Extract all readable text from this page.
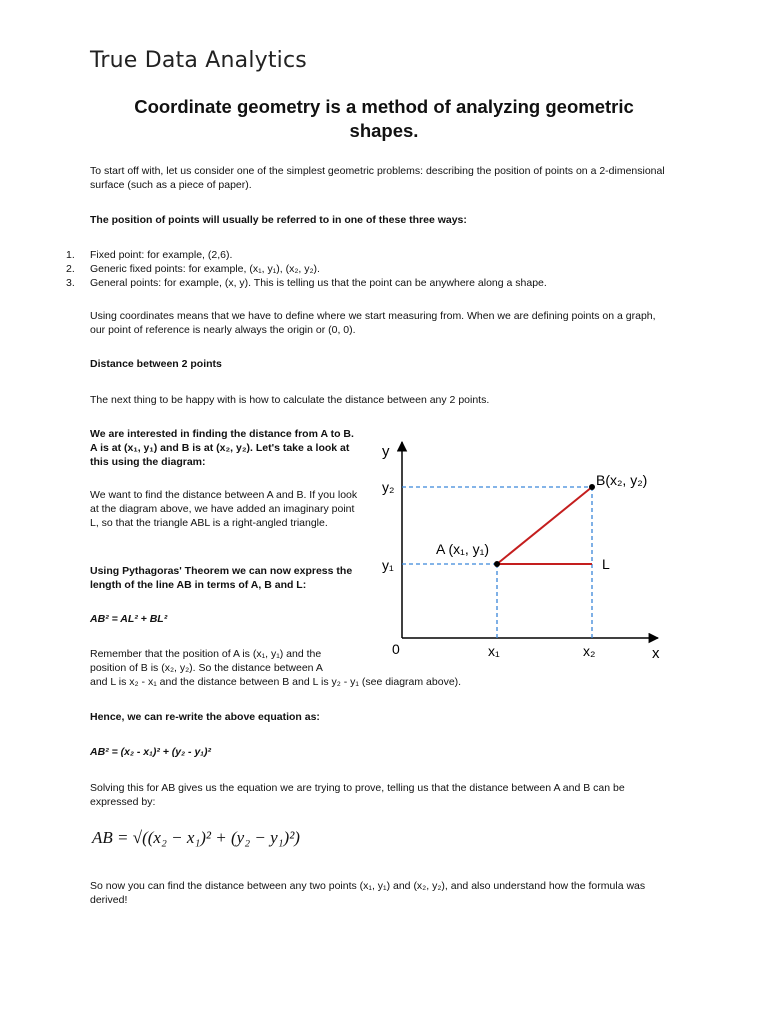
True Data Analytics
Coordinate geometry is a method of analyzing geometric shapes.
To start off with, let us consider one of the simplest geometric problems: describing the position of points on a 2-dimensional surface (such as a piece of paper).
The position of points will usually be referred to in one of these three ways:
1.	Fixed point: for example, (2,6).
2.	Generic fixed points: for example, (x₁, y₁), (x₂, y₂).
3.	General points: for example, (x, y). This is telling us that the point can be anywhere along a shape.
Using coordinates means that we have to define where we start measuring from. When we are defining points on a graph, our point of reference is nearly always the origin or (0, 0).
Distance between 2 points
The next thing to be happy with is how to calculate the distance between any 2 points.
We are interested in finding the distance from A to B. A is at (x₁, y₁) and B is at (x₂, y₂). Let's take a look at this using the diagram:
We want to find the distance between A and B. If you look at the diagram above, we have added an imaginary point L, so that the triangle ABL is a right-angled triangle.
Using Pythagoras' Theorem we can now express the length of the line AB in terms of A, B and L:
AB² = AL² + BL²
Remember that the position of A is (x₁, y₁) and the position of B is (x₂, y₂). So the distance between A
and L is x₂ - x₁ and the distance between B and L is y₂ - y₁ (see diagram above).
Hence, we can re-write the above equation as:
AB² = (x₂ - x₁)² + (y₂ - y₁)²
Solving this for AB gives us the equation we are trying to prove, telling us that the distance between A and B can be expressed by:
AB = √((x₂ − x₁)² + (y₂ − y₁)²)
So now you can find the distance between any two points (x₁, y₁) and (x₂, y₂), and also understand how the formula was derived!
y
x
0	x₁	x₂
y₂
y₁
A (x₁, y₁)
B(x₂, y₂)
L
